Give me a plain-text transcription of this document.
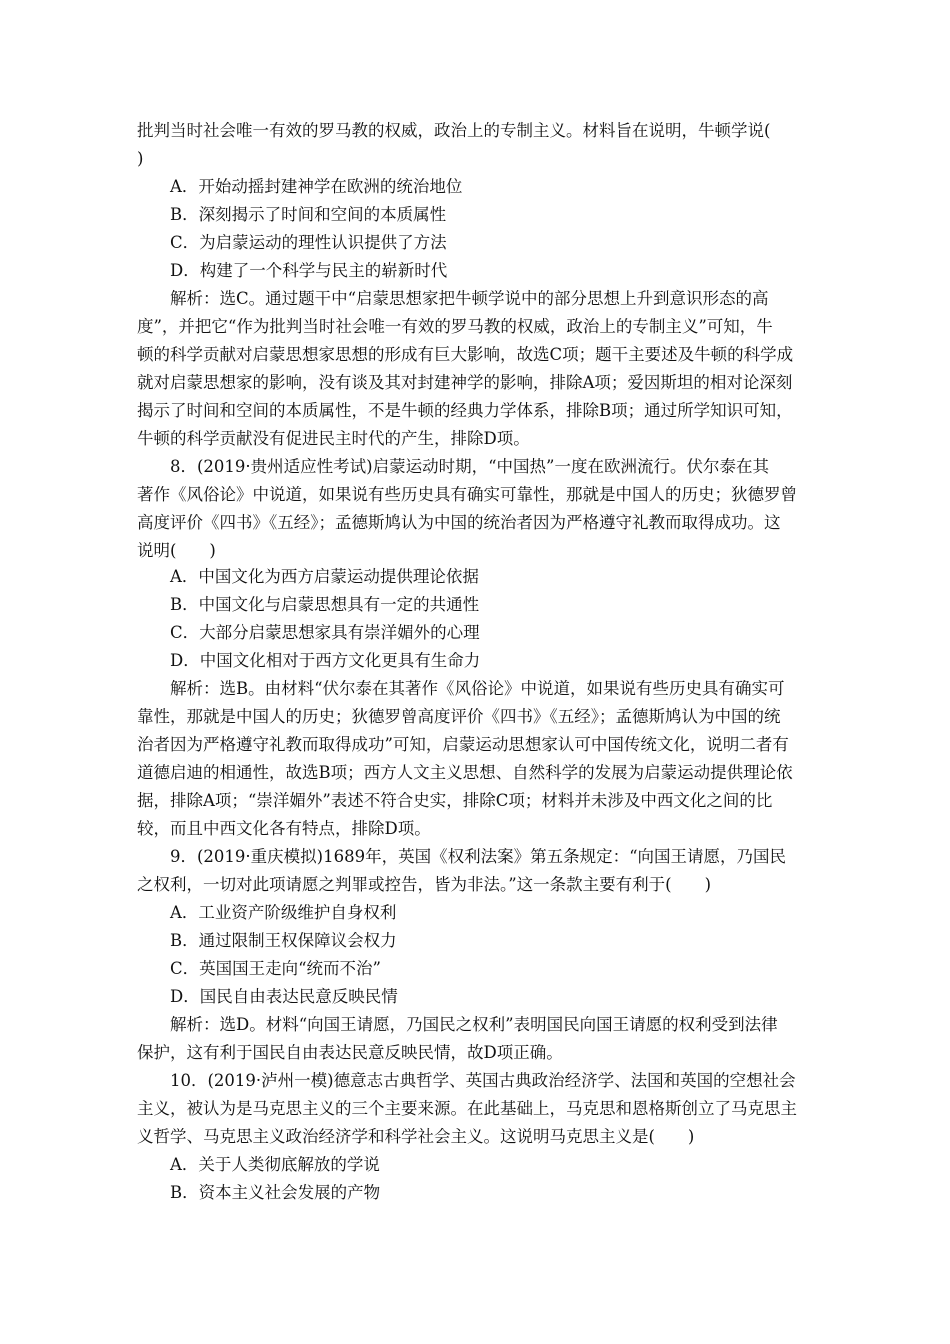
批判当时社会唯一有效的罗马教的权威，政治上的专制主义。材料旨在说明，牛顿学说(
)
A．开始动摇封建神学在欧洲的统治地位
B．深刻揭示了时间和空间的本质属性
C．为启蒙运动的理性认识提供了方法
D．构建了一个科学与民主的崭新时代
解析：选C。通过题干中“启蒙思想家把牛顿学说中的部分思想上升到意识形态的高
度”，并把它“作为批判当时社会唯一有效的罗马教的权威，政治上的专制主义”可知，牛
顿的科学贡献对启蒙思想家思想的形成有巨大影响，故选C项；题干主要述及牛顿的科学成
就对启蒙思想家的影响，没有谈及其对封建神学的影响，排除A项；爱因斯坦的相对论深刻
揭示了时间和空间的本质属性，不是牛顿的经典力学体系，排除B项；通过所学知识可知，
牛顿的科学贡献没有促进民主时代的产生，排除D项。
8．(2019·贵州适应性考试)启蒙运动时期，“中国热”一度在欧洲流行。伏尔泰在其
著作《风俗论》中说道，如果说有些历史具有确实可靠性，那就是中国人的历史；狄德罗曾
高度评价《四书》《五经》；孟德斯鸠认为中国的统治者因为严格遵守礼教而取得成功。这
说明(　　)
A．中国文化为西方启蒙运动提供理论依据
B．中国文化与启蒙思想具有一定的共通性
C．大部分启蒙思想家具有崇洋媚外的心理
D．中国文化相对于西方文化更具有生命力
解析：选B。由材料“伏尔泰在其著作《风俗论》中说道，如果说有些历史具有确实可
靠性，那就是中国人的历史；狄德罗曾高度评价《四书》《五经》；孟德斯鸠认为中国的统
治者因为严格遵守礼教而取得成功”可知，启蒙运动思想家认可中国传统文化，说明二者有
道德启迪的相通性，故选B项；西方人文主义思想、自然科学的发展为启蒙运动提供理论依
据，排除A项；“崇洋媚外”表述不符合史实，排除C项；材料并未涉及中西文化之间的比
较，而且中西文化各有特点，排除D项。
9．(2019·重庆模拟)1689年，英国《权利法案》第五条规定：“向国王请愿，乃国民
之权利，一切对此项请愿之判罪或控告，皆为非法。”这一条款主要有利于(　　)
A．工业资产阶级维护自身权利
B．通过限制王权保障议会权力
C．英国国王走向“统而不治”
D．国民自由表达民意反映民情
解析：选D。材料“向国王请愿，乃国民之权利”表明国民向国王请愿的权利受到法律
保护，这有利于国民自由表达民意反映民情，故D项正确。
10．(2019·泸州一模)德意志古典哲学、英国古典政治经济学、法国和英国的空想社会
主义，被认为是马克思主义的三个主要来源。在此基础上，马克思和恩格斯创立了马克思主
义哲学、马克思主义政治经济学和科学社会主义。这说明马克思主义是(　　)
A．关于人类彻底解放的学说
B．资本主义社会发展的产物
